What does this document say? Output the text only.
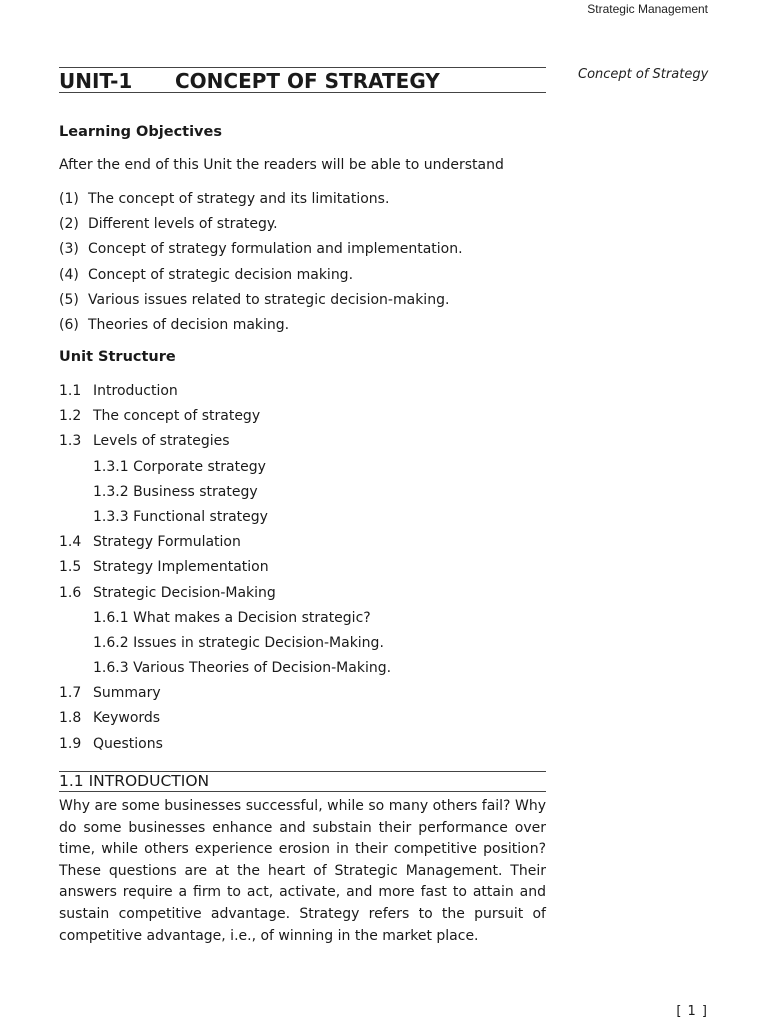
Strategic Management
Concept of Strategy
UNIT-1 CONCEPT OF STRATEGY
Learning Objectives
After the end of this Unit the readers will be able to understand
(1) The concept of strategy and its limitations.
(2) Different levels of strategy.
(3) Concept of strategy formulation and implementation.
(4) Concept of strategic decision making.
(5) Various issues related to strategic decision-making.
(6) Theories of decision making.
Unit Structure
1.1 Introduction
1.2 The concept of strategy
1.3 Levels of strategies
1.3.1 Corporate strategy
1.3.2 Business strategy
1.3.3 Functional strategy
1.4 Strategy Formulation
1.5 Strategy Implementation
1.6 Strategic Decision-Making
1.6.1 What makes a Decision strategic?
1.6.2 Issues in strategic Decision-Making.
1.6.3 Various Theories of Decision-Making.
1.7 Summary
1.8 Keywords
1.9 Questions
1.1 INTRODUCTION

Why are some businesses successful, while so many others fail? Why do some businesses enhance and substain their performance over time, while others experience erosion in their competitive position? These questions are at the heart of Strategic Management. Their answers require a firm to act, activate, and more fast to attain and sustain competitive advantage. Strategy refers to the pursuit of competitive advantage, i.e., of winning in the market place.

[ 1 ]
